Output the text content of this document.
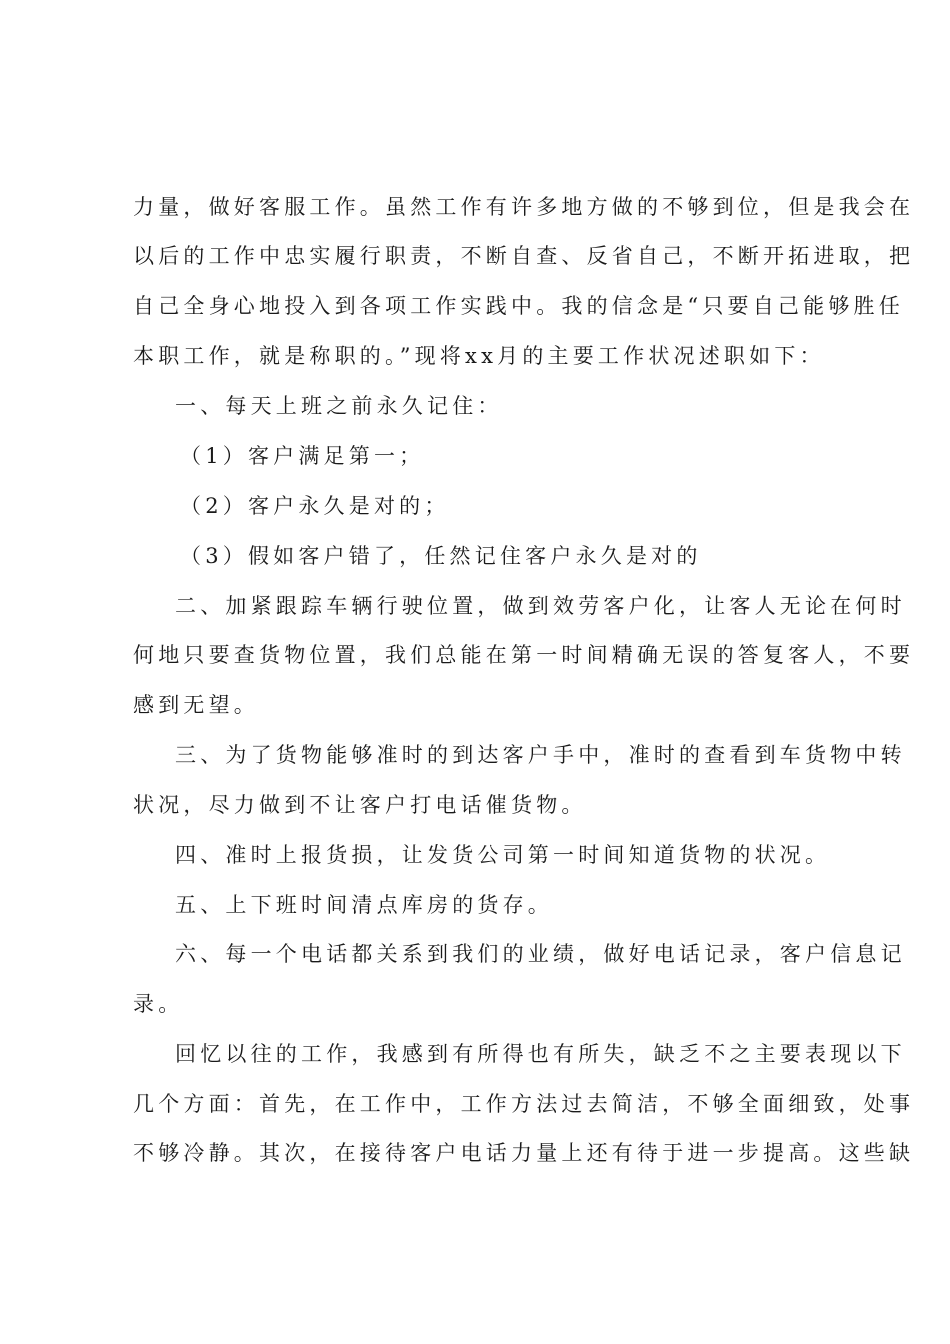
力量，做好客服工作。虽然工作有许多地方做的不够到位，但是我会在
以后的工作中忠实履行职责，不断自查、反省自己，不断开拓进取，把
自己全身心地投入到各项工作实践中。我的信念是“只要自己能够胜任
本职工作，就是称职的。”现将xx月的主要工作状况述职如下：
一、每天上班之前永久记住：
（1）客户满足第一；
（2）客户永久是对的；
（3）假如客户错了，任然记住客户永久是对的
二、加紧跟踪车辆行驶位置，做到效劳客户化，让客人无论在何时
何地只要查货物位置，我们总能在第一时间精确无误的答复客人，不要
感到无望。
三、为了货物能够准时的到达客户手中，准时的查看到车货物中转
状况，尽力做到不让客户打电话催货物。
四、准时上报货损，让发货公司第一时间知道货物的状况。
五、上下班时间清点库房的货存。
六、每一个电话都关系到我们的业绩，做好电话记录，客户信息记
录。
回忆以往的工作，我感到有所得也有所失，缺乏不之主要表现以下
几个方面：首先，在工作中，工作方法过去简洁，不够全面细致，处事
不够冷静。其次，在接待客户电话力量上还有待于进一步提高。这些缺
